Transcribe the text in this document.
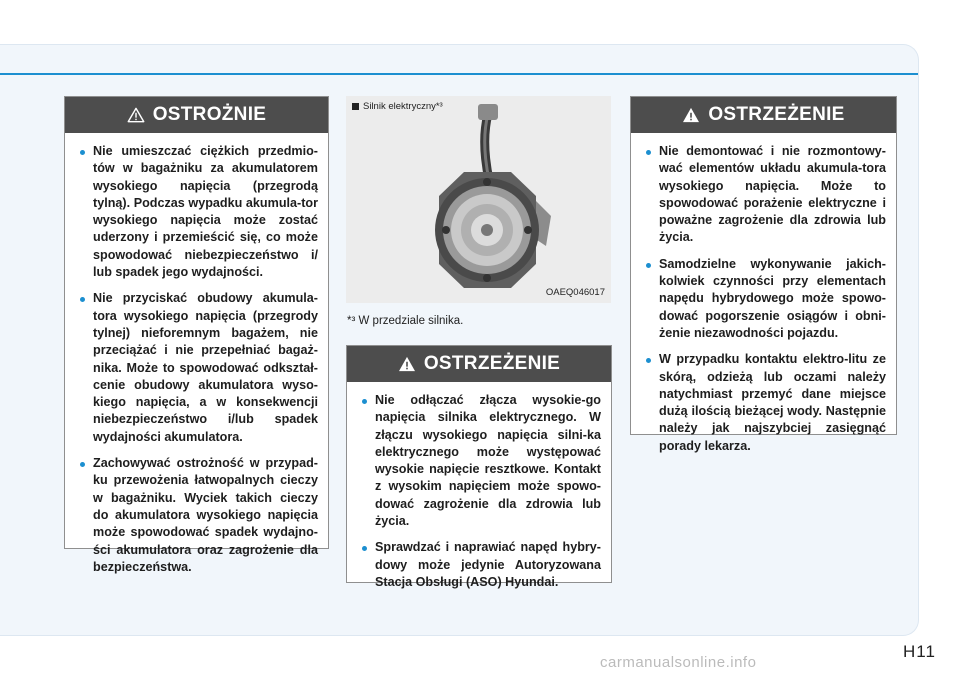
OSTROŻNIE
Nie umieszczać ciężkich przedmio-tów w bagażniku za akumulatorem wysokiego napięcia (przegrodą tylną). Podczas wypadku akumula-tor wysokiego napięcia może zostać uderzony i przemieścić się, co może spowodować niebezpieczeństwo i/ lub spadek jego wydajności.
Nie przyciskać obudowy akumula-tora wysokiego napięcia (przegrody tylnej) nieforemnym bagażem, nie przeciążać i nie przepełniać bagaż-nika. Może to spowodować odkształ-cenie obudowy akumulatora wyso-kiego napięcia, a w konsekwencji niebezpieczeństwo i/lub spadek wydajności akumulatora.
Zachowywać ostrożność w przypad-ku przewożenia łatwopalnych cieczy w bagażniku. Wyciek takich cieczy do akumulatora wysokiego napięcia może spowodować spadek wydajno-ści akumulatora oraz zagrożenie dla bezpieczeństwa.
Silnik elektryczny*³
OAEQ046017
*³ W przedziale silnika.
OSTRZEŻENIE
Nie odłączać złącza wysokie-go napięcia silnika elektrycznego. W złączu wysokiego napięcia silni-ka elektrycznego może występować wysokie napięcie resztkowe. Kontakt z wysokim napięciem może spowo-dować zagrożenie dla zdrowia lub życia.
Sprawdzać i naprawiać napęd hybry-dowy może jedynie Autoryzowana Stacja Obsługi (ASO) Hyundai.
OSTRZEŻENIE
Nie demontować i nie rozmontowy-wać elementów układu akumula-tora wysokiego napięcia. Może to spowodować porażenie elektryczne i poważne zagrożenie dla zdrowia lub życia.
Samodzielne wykonywanie jakich-kolwiek czynności przy elementach napędu hybrydowego może spowo-dować pogorszenie osiągów i obni-żenie niezawodności pojazdu.
W przypadku kontaktu elektro-litu ze skórą, odzieżą lub oczami należy natychmiast przemyć dane miejsce dużą ilością bieżącej wody. Następnie należy jak najszybciej zasięgnąć porady lekarza.
H11
carmanualsonline.info
